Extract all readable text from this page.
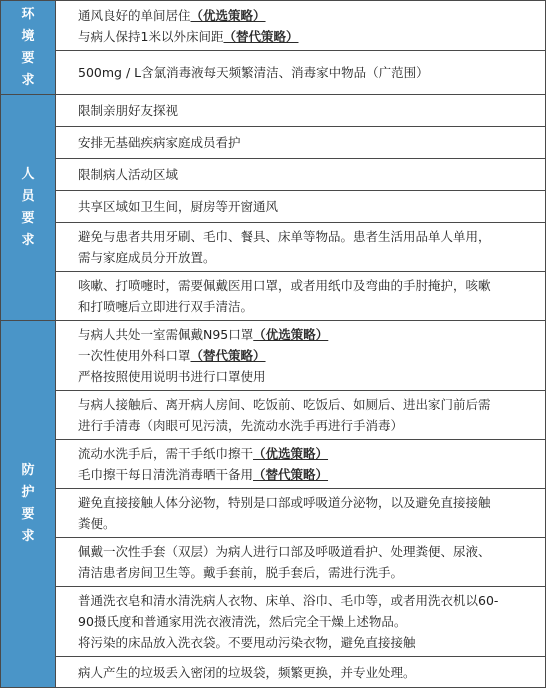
环境要求	通风良好的单间居住（优选策略）
与病人保持1米以外床间距（替代策略）

	500mg / L含氯消毒液每天频繁清洁、消毒家中物品（广范围）

人员要求	限制亲朋好友探视

	安排无基础疾病家庭成员看护

	限制病人活动区域

	共享区域如卫生间，厨房等开窗通风

	避免与患者共用牙刷、毛巾、餐具、床单等物品。患者生活用品单人单用，
需与家庭成员分开放置。

	咳嗽、打喷嚏时，需要佩戴医用口罩，或者用纸巾及弯曲的手肘掩护，咳嗽
和打喷嚏后立即进行双手清洁。

防护要求	与病人共处一室需佩戴N95口罩（优选策略）
一次性使用外科口罩（替代策略）
严格按照使用说明书进行口罩使用

	与病人接触后、离开病人房间、吃饭前、吃饭后、如厕后、进出家门前后需
进行手清毒（肉眼可见污渍，先流动水洗手再进行手消毒）

	流动水洗手后，需干手纸巾擦干（优选策略）
毛巾擦干每日清洗消毒晒干备用（替代策略）

	避免直接接触人体分泌物，特别是口部或呼吸道分泌物，以及避免直接接触
粪便。

	佩戴一次性手套（双层）为病人进行口部及呼吸道看护、处理粪便、尿液、
清洁患者房间卫生等。戴手套前，脱手套后，需进行洗手。

	普通洗衣皂和清水清洗病人衣物、床单、浴巾、毛巾等，或者用洗衣机以60-
90摄氏度和普通家用洗衣液清洗，然后完全干燥上述物品。
将污染的床品放入洗衣袋。不要甩动污染衣物，避免直接接触

	病人产生的垃圾丢入密闭的垃圾袋，频繁更换，并专业处理。
